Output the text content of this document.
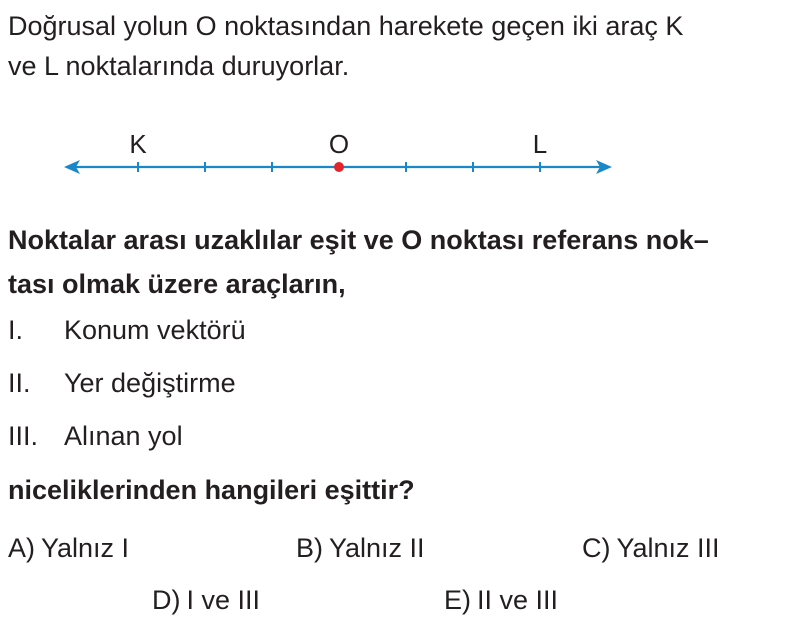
Doğrusal yolun O noktasından harekete geçen iki araç K
ve L noktalarında duruyorlar.
K	O	L
Noktalar arası uzaklılar eşit ve O noktası referans nok–
tası olmak üzere araçların,
I. Konum vektörü
II. Yer değiştirme
III. Alınan yol

niceliklerinden hangileri eşittir?

A) Yalnız I	B) Yalnız II	C) Yalnız III
D) I ve III	E) II ve III
